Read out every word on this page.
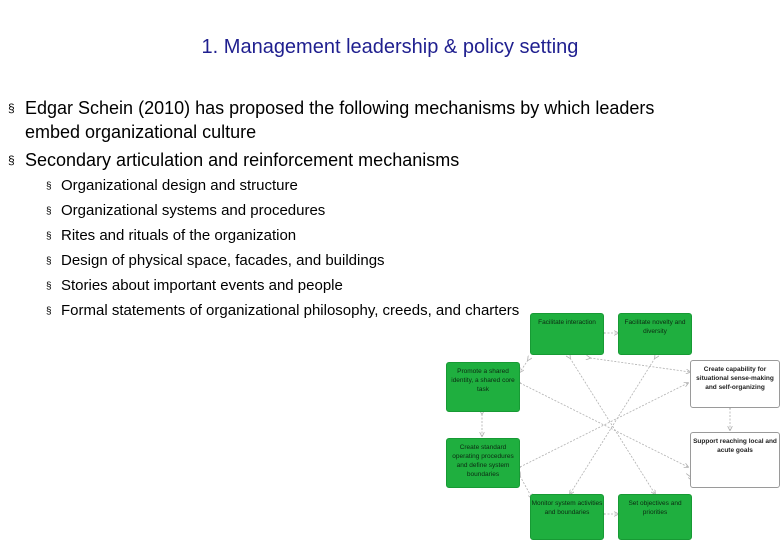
1. Management leadership & policy setting
§ Edgar Schein (2010) has proposed the following mechanisms by which leaders embed organizational culture
§ Secondary articulation and reinforcement mechanisms
§ Organizational design and structure
§ Organizational systems and procedures
§ Rites and rituals of the organization
§ Design of physical space, facades, and buildings
§ Stories about important events and people
§ Formal statements of organizational philosophy, creeds, and charters
Facilitate interaction	Facilitate novelty and diversity
Promote a shared identity, a shared core task
Create capability for situational sense-making and self-organizing
Create standard operating procedures and define system boundaries
Support reaching local and acute goals
Monitor system activities and boundaries
Set objectives and priorities
